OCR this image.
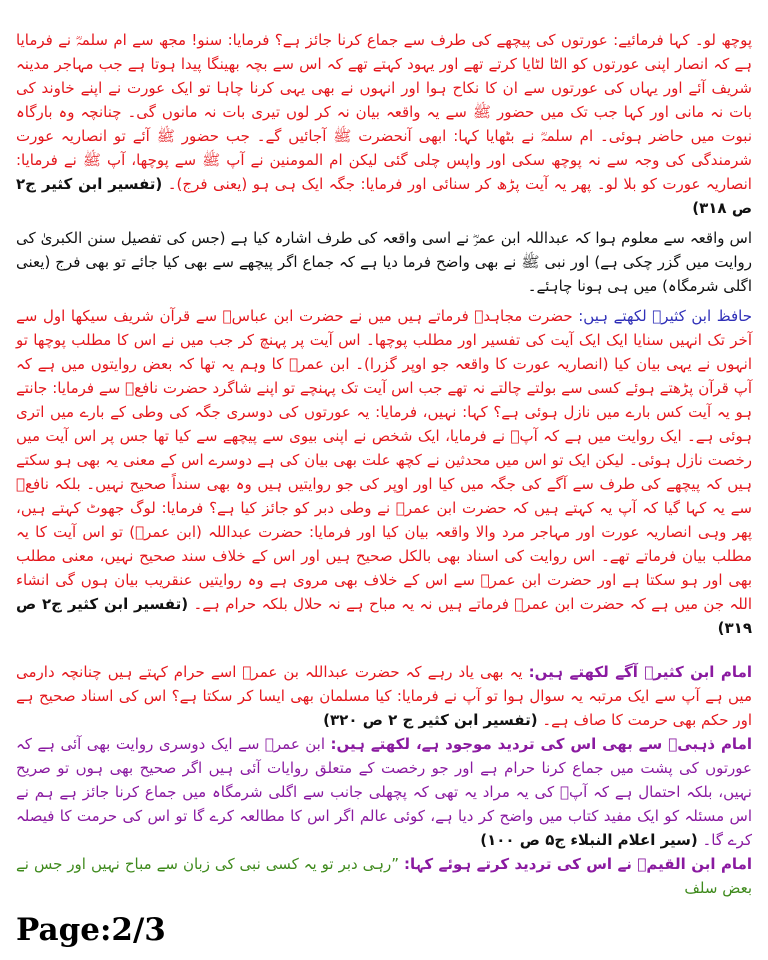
پوچھ لو۔ کہا فرمائیے: عورتوں کی پیچھے کی طرف سے جماع کرنا جائز ہے؟ فرمایا: سنو! مجھ سے ام سلمہؓ نے فرمایا ہے کہ انصار اپنی عورتوں کو الٹا لٹایا کرتے تھے اور یہود کہتے تھے کہ اس سے بچہ بھینگا پیدا ہوتا ہے جب مہاجر مدینہ شریف آئے اور یہاں کی عورتوں سے ان کا نکاح ہوا اور انہوں نے بھی یہی کرنا چاہا تو ایک عورت نے اپنے خاوند کی بات نہ مانی اور کہا جب تک میں حضور ﷺ سے یہ واقعہ بیان نہ کر لوں تیری بات نہ مانوں گی۔ چنانچہ وہ بارگاہ نبوت میں حاضر ہوئی۔ ام سلمہؓ نے بٹھایا کہا: ابھی آنحضرت ﷺ آجائیں گے۔ جب حضور ﷺ آئے تو انصاریہ عورت شرمندگی کی وجہ سے نہ پوچھ سکی اور واپس چلی گئی لیکن ام المومنین نے آپ ﷺ سے پوچھا، آپ ﷺ نے فرمایا: انصاریہ عورت کو بلا لو۔ پھر یہ آیت پڑھ کر سنائی اور فرمایا: جگہ ایک ہی ہو (یعنی فرج)۔ (تفسیر ابن کثیر ج۲ ص ۳۱۸)

اس واقعہ سے معلوم ہوا کہ عبداللہ ابن عمرؓ نے اسی واقعہ کی طرف اشارہ کیا ہے (جس کی تفصیل سنن الکبریٰ کی روایت میں گزر چکی ہے) اور نبی ﷺ نے بھی واضح فرما دیا ہے کہ جماع اگر پیچھے سے بھی کیا جائے تو بھی فرج (یعنی اگلی شرمگاہ) میں ہی ہونا چاہئے۔

حافظ ابن کثیرؒ لکھتے ہیں: حضرت مجاہدؒ فرماتے ہیں میں نے حضرت ابن عباسؓ سے قرآن شریف سیکھا اول سے آخر تک انہیں سنایا ایک ایک آیت کی تفسیر اور مطلب پوچھا۔ اس آیت پر پہنچ کر جب میں نے اس کا مطلب پوچھا تو انہوں نے یہی بیان کیا (انصاریہ عورت کا واقعہ جو اوپر گزرا)۔ ابن عمرؓ کا وہم یہ تھا کہ بعض روایتوں میں ہے کہ آپ قرآن پڑھتے ہوئے کسی سے بولتے چالتے نہ تھے جب اس آیت تک پہنچے تو اپنے شاگرد حضرت نافعؒ سے فرمایا: جانتے ہو یہ آیت کس بارے میں نازل ہوئی ہے؟ کہا: نہیں، فرمایا: یہ عورتوں کی دوسری جگہ کی وطی کے بارے میں اتری ہوئی ہے۔ ایک روایت میں ہے کہ آپؓ نے فرمایا، ایک شخص نے اپنی بیوی سے پیچھے سے کیا تھا جس پر اس آیت میں رخصت نازل ہوئی۔ لیکن ایک تو اس میں محدثین نے کچھ علت بھی بیان کی ہے دوسرے اس کے معنی یہ بھی ہو سکتے ہیں کہ پیچھے کی طرف سے آگے کی جگہ میں کیا اور اوپر کی جو روایتیں ہیں وہ بھی سنداً صحیح نہیں۔ بلکہ نافعؒ سے یہ کہا گیا کہ آپ یہ کہتے ہیں کہ حضرت ابن عمرؓ نے وطی دبر کو جائز کیا ہے؟ فرمایا: لوگ جھوٹ کہتے ہیں، پھر وہی انصاریہ عورت اور مہاجر مرد والا واقعہ بیان کیا اور فرمایا: حضرت عبداللہ (ابن عمرؓ) تو اس آیت کا یہ مطلب بیان فرماتے تھے۔ اس روایت کی اسناد بھی بالکل صحیح ہیں اور اس کے خلاف سند صحیح نہیں، معنی مطلب بھی اور ہو سکتا ہے اور حضرت ابن عمرؓ سے اس کے خلاف بھی مروی ہے وہ روایتیں عنقریب بیان ہوں گی انشاء اللہ جن میں ہے کہ حضرت ابن عمرؓ فرماتے ہیں نہ یہ مباح ہے نہ حلال بلکہ حرام ہے۔ (تفسیر ابن کثیر ج۲ ص ۳۱۹)

امام ابن کثیرؒ آگے لکھتے ہیں: یہ بھی یاد رہے کہ حضرت عبداللہ بن عمرؓ اسے حرام کہتے ہیں چنانچہ دارمی میں ہے آپ سے ایک مرتبہ یہ سوال ہوا تو آپ نے فرمایا: کیا مسلمان بھی ایسا کر سکتا ہے؟ اس کی اسناد صحیح ہے اور حکم بھی حرمت کا صاف ہے۔ (تفسیر ابن کثیر ج ۲ ص ۳۲۰)

امام ذہبیؒ سے بھی اس کی تردید موجود ہے، لکھتے ہیں: ابن عمرؓ سے ایک دوسری روایت بھی آئی ہے کہ عورتوں کی پشت میں جماع کرنا حرام ہے اور جو رخصت کے متعلق روایات آئی ہیں اگر صحیح بھی ہوں تو صریح نہیں، بلکہ احتمال ہے کہ آپؓ کی یہ مراد یہ تھی کہ پچھلی جانب سے اگلی شرمگاہ میں جماع کرنا جائز ہے ہم نے اس مسئلہ کو ایک مفید کتاب میں واضح کر دیا ہے، کوئی عالم اگر اس کا مطالعہ کرے گا تو اس کی حرمت کا فیصلہ کرے گا۔ (سیر اعلام النبلاء ج۵ ص ۱۰۰)

امام ابن القیمؒ نے اس کی تردید کرتے ہوئے کہا: ”رہی دبر تو یہ کسی نبی کی زبان سے مباح نہیں اور جس نے بعض سلف

Page:2/3
